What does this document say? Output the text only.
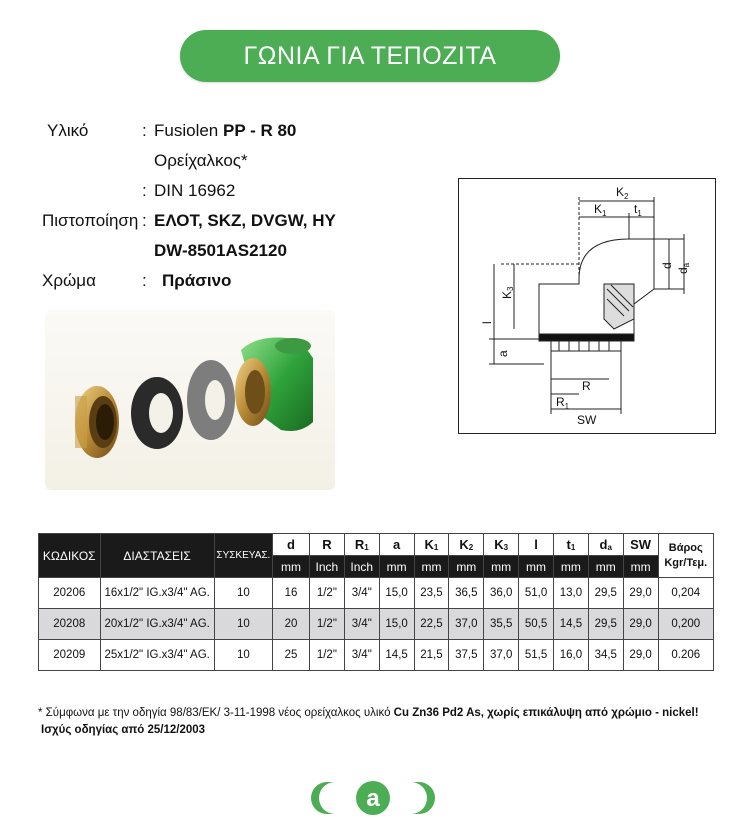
ΓΩΝΙΑ ΓΙΑ ΤΕΠΟΖΙΤΑ
Υλικό	: Fusiolen PP - R 80
Ορείχαλκος*
: DIN 16962
Πιστοποίηση : ΕΛΟΤ, SKZ, DVGW, HY
DW-8501AS2120
Χρώμα	: Πράσινο
$K_2$
$K_1$ $t_1$
d
da
K3
l
a
R
$R_1$
SW
ΚΩΔΙΚΟΣ	ΔΙΑΣΤΑΣΕΙΣ	ΣΥΣΚΕΥΑΣ.	d	R	$R_1$	a	$K_1$	$K_2$	$K_3$	l	$t_1$	$d_a$	SW	Βάρος
Kgr/Τεμ.
			mm	Inch	Inch	mm	mm	mm	mm	mm	mm	mm	mm	
20206	16x1/2" IG.x3/4" AG.	10	16	1/2"	3/4"	15,0	23,5	36,5	36,0	51,0	13,0	29,5	29,0	0,204
20208	20x1/2" IG.x3/4" AG.	10	20	1/2"	3/4"	15,0	22,5	37,0	35,5	50,5	14,5	29,5	29,0	0,200
20209	25x1/2" IG.x3/4" AG.	10	25	1/2"	3/4"	14,5	21,5	37,5	37,0	51,5	16,0	34,5	29,0	0.206
* Σύμφωνα με την οδηγία 98/83/ΕΚ/ 3-11-1998 νέος ορείχαλκος υλικό Cu Zn36 Pd2 As, χωρίς επικάλυψη από χρώμιο - nickel!
Ισχύς οδηγίας από 25/12/2003
a
